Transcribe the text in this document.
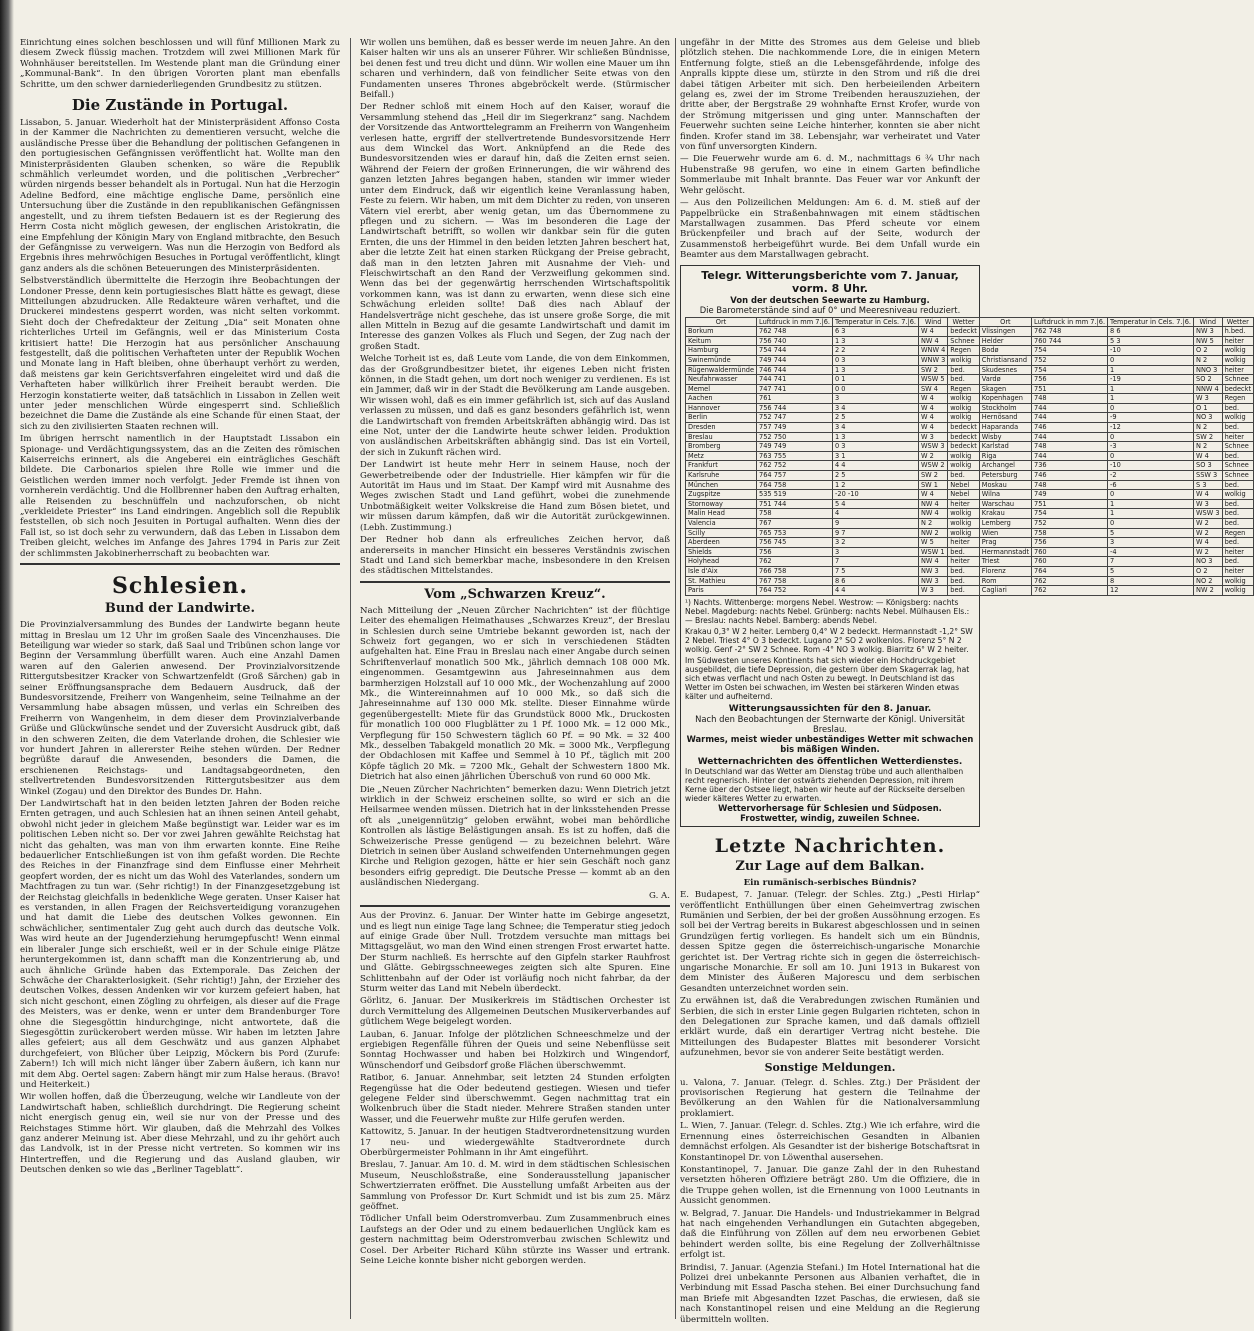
Einrichtung eines solchen beschlossen und will fünf Millionen Mark zu diesem Zweck flüssig machen. Trotzdem will zwei Millionen Mark für Wohnhäuser bereitstellen. Im Westende plant man die Gründung einer „Kommunal-Bank“. In den übrigen Vororten plant man ebenfalls Schritte, um den schwer darniederliegenden Grundbesitz zu stützen.

Die Zustände in Portugal.

Lissabon, 5. Januar. Wiederholt hat der Ministerpräsident Affonso Costa in der Kammer die Nachrichten zu dementieren versucht, welche die ausländische Presse über die Behandlung der politischen Gefangenen in den portugiesischen Gefängnissen veröffentlicht hat. Wollte man den Ministerpräsidenten Glauben schenken, so wäre die Republik schmählich verleumdet worden, und die politischen „Verbrecher“ würden nirgends besser behandelt als in Portugal. Nun hat die Herzogin Adeline Bedford, eine mächtige englische Dame, persönlich eine Untersuchung über die Zustände in den republikanischen Gefängnissen angestellt, und zu ihrem tiefsten Bedauern ist es der Regierung des Herrn Costa nicht möglich gewesen, der englischen Aristokratin, die eine Empfehlung der Königin Mary von England mitbrachte, den Besuch der Gefängnisse zu verweigern. Was nun die Herzogin von Bedford als Ergebnis ihres mehrwöchigen Besuches in Portugal veröffentlicht, klingt ganz anders als die schönen Beteuerungen des Ministerpräsidenten.

Selbstverständlich übermittelte die Herzogin ihre Beobachtungen der Londoner Presse, denn kein portugiesisches Blatt hätte es gewagt, diese Mitteilungen abzudrucken. Alle Redakteure wären verhaftet, und die Druckerei mindestens gesperrt worden, was nicht selten vorkommt. Sieht doch der Chefredakteur der Zeitung „Dia“ seit Monaten ohne richterliches Urteil im Gefängnis, weil er das Ministerium Costa kritisiert hatte! Die Herzogin hat aus persönlicher Anschauung festgestellt, daß die politischen Verhafteten unter der Republik Wochen und Monate lang in Haft bleiben, ohne überhaupt verhört zu werden, daß meistens gar kein Gerichtsverfahren eingeleitet wird und daß die Verhafteten haber willkürlich ihrer Freiheit beraubt werden. Die Herzogin konstatierte weiter, daß tatsächlich in Lissabon in Zellen weit unter jeder menschlichen Würde eingesperrt sind. Schließlich bezeichnet die Dame die Zustände als eine Schande für einen Staat, der sich zu den zivilisierten Staaten rechnen will.

Im übrigen herrscht namentlich in der Hauptstadt Lissabon ein Spionage- und Verdächtigungssystem, das an die Zeiten des römischen Kaiserreichs erinnert, als die Angeberei ein einträgliches Geschäft bildete. Die Carbonarios spielen ihre Rolle wie immer und die Geistlichen werden immer noch verfolgt. Jeder Fremde ist ihnen von vornherein verdächtig. Und die Hollbrenner haben den Auftrag erhalten, alle Reisenden zu beschnüffeln und nachzuforschen, ob nicht „verkleidete Priester“ ins Land eindringen. Angeblich soll die Republik feststellen, ob sich noch Jesuiten in Portugal aufhalten. Wenn dies der Fall ist, so ist doch sehr zu verwundern, daß das Leben in Lissabon dem Treiben gleicht, welches im Anfange des Jahres 1794 in Paris zur Zeit der schlimmsten Jakobinerherrschaft zu beobachten war.

Schlesien.
Bund der Landwirte.

Die Provinzialversammlung des Bundes der Landwirte begann heute mittag in Breslau um 12 Uhr im großen Saale des Vincenzhauses. Die Beteiligung war wieder so stark, daß Saal und Tribünen schon lange vor Beginn der Versammlung überfüllt waren. Auch eine Anzahl Damen waren auf den Galerien anwesend. Der Provinzialvorsitzende Rittergutsbesitzer Kracker von Schwartzenfeldt (Groß Särchen) gab in seiner Eröffnungsansprache dem Bedauern Ausdruck, daß der Bundesvorsitzende, Freiherr von Wangenheim, seine Teilnahme an der Versammlung habe absagen müssen, und verlas ein Schreiben des Freiherrn von Wangenheim, in dem dieser dem Provinzialverbande Grüße und Glückwünsche sendet und der Zuversicht Ausdruck gibt, daß in den schweren Zeiten, die dem Vaterlande drohen, die Schlesier wie vor hundert Jahren in allererster Reihe stehen würden. Der Redner begrüßte darauf die Anwesenden, besonders die Damen, die erschienenen Reichstags- und Landtagsabgeordneten, den stellvertretenden Bundesvorsitzenden Rittergutsbesitzer aus dem Winkel (Zogau) und den Direktor des Bundes Dr. Hahn.

Der Landwirtschaft hat in den beiden letzten Jahren der Boden reiche Ernten getragen, und auch Schlesien hat an ihnen seinen Anteil gehabt, obwohl nicht jeder in gleichem Maße begünstigt war. Leider war es im politischen Leben nicht so. Der vor zwei Jahren gewählte Reichstag hat nicht das gehalten, was man von ihm erwarten konnte. Eine Reihe bedauerlicher Entschließungen ist von ihm gefaßt worden. Die Rechte des Reiches in der Finanzfrage sind dem Einflusse einer Mehrheit geopfert worden, der es nicht um das Wohl des Vaterlandes, sondern um Machtfragen zu tun war. (Sehr richtig!) In der Finanzgesetzgebung ist der Reichstag gleichfalls in bedenkliche Wege geraten. Unser Kaiser hat es verstanden, in allen Fragen der Reichsverteidigung voranzugehen und hat damit die Liebe des deutschen Volkes gewonnen. Ein schwächlicher, sentimentaler Zug geht auch durch das deutsche Volk. Was wird heute an der Jugenderziehung herumgepfuscht! Wenn einmal ein liberaler Junge sich erschießt, weil er in der Schule einige Plätze heruntergekommen ist, dann schafft man die Konzentrierung ab, und auch ähnliche Gründe haben das Extemporale. Das Zeichen der Schwäche der Charakterlosigkeit. (Sehr richtig!) Jahn, der Erzieher des deutschen Volkes, dessen Andenken wir vor kurzem gefeiert haben, hat sich nicht geschont, einen Zögling zu ohrfeigen, als dieser auf die Frage des Meisters, was er denke, wenn er unter dem Brandenburger Tore ohne die Siegesgöttin hindurchginge, nicht antwortete, daß die Siegesgöttin zurückerobert werden müsse. Wir haben im letzten Jahre alles gefeiert; aus all dem Geschwätz und aus ganzen Alphabet durchgefeiert, von Blücher über Leipzig, Möckern bis Pord (Zurufe: Zabern!) Ich will mich nicht länger über Zabern äußern, ich kann nur mit dem Abg. Oertel sagen: Zabern hängt mir zum Halse heraus. (Bravo! und Heiterkeit.)

Wir wollen hoffen, daß die Überzeugung, welche wir Landleute von der Landwirtschaft haben, schließlich durchdringt. Die Regierung scheint nicht energisch genug ein, weil sie nur von der Presse und des Reichstages Stimme hört. Wir glauben, daß die Mehrzahl des Volkes ganz anderer Meinung ist. Aber diese Mehrzahl, und zu ihr gehört auch das Landvolk, ist in der Presse nicht vertreten. So kommen wir ins Hintertreffen, und die Regierung und das Ausland glauben, wir Deutschen denken so wie das „Berliner Tageblatt“.

Wir wollen uns bemühen, daß es besser werde im neuen Jahre. An den Kaiser halten wir uns als an unserer Führer. Wir schließen Bündnisse, bei denen fest und treu dicht und dünn. Wir wollen eine Mauer um ihn scharen und verhindern, daß von feindlicher Seite etwas von den Fundamenten unseres Thrones abgebröckelt werde. (Stürmischer Beifall.)

Der Redner schloß mit einem Hoch auf den Kaiser, worauf die Versammlung stehend das „Heil dir im Siegerkranz“ sang. Nachdem der Vorsitzende das Antworttelegramm an Freiherrn von Wangenheim verlesen hatte, ergriff der stellvertretende Bundesvorsitzende Herr aus dem Winckel das Wort. Anknüpfend an die Rede des Bundesvorsitzenden wies er darauf hin, daß die Zeiten ernst seien. Während der Feiern der großen Erinnerungen, die wir während des ganzen letzten Jahres begangen haben, standen wir immer wieder unter dem Eindruck, daß wir eigentlich keine Veranlassung haben, Feste zu feiern. Wir haben, um mit dem Dichter zu reden, von unseren Vätern viel ererbt, aber wenig getan, um das Übernommene zu pflegen und zu sichern. — Was im besonderen die Lage der Landwirtschaft betrifft, so wollen wir dankbar sein für die guten Ernten, die uns der Himmel in den beiden letzten Jahren beschert hat, aber die letzte Zeit hat einen starken Rückgang der Preise gebracht, daß man in den letzten Jahren mit Ausnahme der Vieh- und Fleischwirtschaft an den Rand der Verzweiflung gekommen sind. Wenn das bei der gegenwärtig herrschenden Wirtschaftspolitik vorkommen kann, was ist dann zu erwarten, wenn diese sich eine Schwächung erleiden sollte! Daß dies nach Ablauf der Handelsverträge nicht geschehe, das ist unsere große Sorge, die mit allen Mitteln in Bezug auf die gesamte Landwirtschaft und damit im Interesse des ganzen Volkes als Fluch und Segen, der Zug nach der großen Stadt.

Welche Torheit ist es, daß Leute vom Lande, die von dem Einkommen, das der Großgrundbesitzer bietet, ihr eigenes Leben nicht fristen können, in die Stadt gehen, um dort noch weniger zu verdienen. Es ist ein Jammer, daß wir in der Stadt die Bevölkerung am Lande ausgeben. Wir wissen wohl, daß es ein immer gefährlich ist, sich auf das Ausland verlassen zu müssen, und daß es ganz besonders gefährlich ist, wenn die Landwirtschaft von fremden Arbeitskräften abhängig wird. Das ist eine Not, unter der die Landwirte heute schwer leiden. Produktion von ausländischen Arbeitskräften abhängig sind. Das ist ein Vorteil, der sich in Zukunft rächen wird.

Der Landwirt ist heute mehr Herr in seinem Hause, noch der Gewerbetreibende oder der Industrielle. Hier kämpfen wir für die Autorität im Haus und im Staat. Der Kampf wird mit Ausnahme des Weges zwischen Stadt und Land geführt, wobei die zunehmende Unbotmäßigkeit weiter Volkskreise die Hand zum Bösen bietet, und wir müssen darum kämpfen, daß wir die Autorität zurückgewinnen. (Lebh. Zustimmung.)

Der Redner hob dann als erfreuliches Zeichen hervor, daß andererseits in mancher Hinsicht ein besseres Verständnis zwischen Stadt und Land sich bemerkbar mache, insbesondere in den Kreisen des städtischen Mittelstandes.

Vom „Schwarzen Kreuz“.

Nach Mitteilung der „Neuen Zürcher Nachrichten“ ist der flüchtige Leiter des ehemaligen Heimathauses „Schwarzes Kreuz“, der Breslau in Schlesien durch seine Umtriebe bekannt geworden ist, nach der Schweiz fort gegangen, wo er sich in verschiedenen Städten aufgehalten hat. Eine Frau in Breslau nach einer Angabe durch seinen Schriftenverlauf monatlich 500 Mk., jährlich demnach 108 000 Mk. eingenommen. Gesamtgewinn aus Jahreseinnahmen aus dem barmherzigen Holzstall auf 10 000 Mk., der Wochenzahlung auf 2000 Mk., die Wintereinnahmen auf 10 000 Mk., so daß sich die Jahreseinnahme auf 130 000 Mk. stellte. Dieser Einnahme würde gegenübergestellt: Miete für das Grundstück 8000 Mk., Druckosten für monatlich 100 000 Flugblätter zu 1 Pf. 1000 Mk. = 12 000 Mk., Verpflegung für 150 Schwestern täglich 60 Pf. = 90 Mk. = 32 400 Mk., desselben Tabakgeld monatlich 20 Mk. = 3000 Mk., Verpflegung der Obdachlosen mit Kaffee und Semmel à 10 Pf., täglich mit 200 Köpfe täglich 20 Mk. = 7200 Mk., Gehalt der Schwestern 1800 Mk. Dietrich hat also einen jährlichen Überschuß von rund 60 000 Mk.

Die „Neuen Zürcher Nachrichten“ bemerken dazu: Wenn Dietrich jetzt wirklich in der Schweiz erscheinen sollte, so wird er sich an die Heilsarmee wenden müssen. Dietrich hat in der linksstehenden Presse oft als „uneigennützig“ geloben erwähnt, wobei man behördliche Kontrollen als lästige Belästigungen ansah. Es ist zu hoffen, daß die Schweizerische Presse genügend — zu bezeichnen belehrt. Wäre Dietrich in seinen über Ausland schweifenden Unternehmungen gegen Kirche und Religion gezogen, hätte er hier sein Geschäft noch ganz besonders eifrig gepredigt. Die Deutsche Presse — kommt ab an den ausländischen Niedergang.

G. A.

Aus der Provinz. 6. Januar. Der Winter hatte im Gebirge angesetzt, und es liegt nun einige Tage lang Schnee; die Temperatur stieg jedoch auf einige Grade über Null. Trotzdem versuchte man mittags bei Mittagsgeläut, wo man den Wind einen strengen Frost erwartet hatte. Der Sturm nachließ. Es herrschte auf den Gipfeln starker Rauhfrost und Glätte. Gebirgsschneeweges zeigten sich alte Spuren. Eine Schlittenbahn auf der Oder ist vorläufig noch nicht fahrbar, da der Sturm weiter das Land mit Nebeln überdeckt.

Görlitz, 6. Januar. Der Musikerkreis im Städtischen Orchester ist durch Vermittelung des Allgemeinen Deutschen Musikerverbandes auf gütlichem Wege beigelegt worden.

Lauban, 6. Januar. Infolge der plötzlichen Schneeschmelze und der ergiebigen Regenfälle führen der Queis und seine Nebenflüsse seit Sonntag Hochwasser und haben bei Holzkirch und Wingendorf, Wünschendorf und Geibsdorf große Flächen überschwemmt.

Ratibor, 6. Januar. Annehmbar, seit letzten 24 Stunden erfolgten Regengüsse hat die Oder bedeutend gestiegen. Wiesen und tiefer gelegene Felder sind überschwemmt. Gegen nachmittag trat ein Wolkenbruch über die Stadt nieder. Mehrere Straßen standen unter Wasser, und die Feuerwehr mußte zur Hilfe gerufen werden.

Kattowitz, 5. Januar. In der heutigen Stadtverordnetensitzung wurden 17 neu- und wiedergewählte Stadtverordnete durch Oberbürgermeister Pohlmann in ihr Amt eingeführt.

Breslau, 7. Januar. Am 10. d. M. wird in dem städtischen Schlesischen Museum, Neuschloßstraße, eine Sonderausstellung japanischer Schwertzierraten eröffnet. Die Ausstellung umfaßt Arbeiten aus der Sammlung von Professor Dr. Kurt Schmidt und ist bis zum 25. März geöffnet.

Tödlicher Unfall beim Oderstromverbau. Zum Zusammenbruch eines Laufstegs an der Oder und zu einem bedauerlichen Unglück kam es gestern nachmittag beim Oderstromverbau zwischen Schlewitz und Cosel. Der Arbeiter Richard Kühn stürzte ins Wasser und ertrank. Seine Leiche konnte bisher nicht geborgen werden.

ungefähr in der Mitte des Stromes aus dem Geleise und blieb plötzlich stehen. Die nachkommende Lore, die in einigen Metern Entfernung folgte, stieß an die Lebensgefährdende, infolge des Anpralls kippte diese um, stürzte in den Strom und riß die drei dabei tätigen Arbeiter mit sich. Den herbeieilenden Arbeitern gelang es, zwei der im Strome Treibenden herauszuziehen, der dritte aber, der Bergstraße 29 wohnhafte Ernst Krofer, wurde von der Strömung mitgerissen und ging unter. Mannschaften der Feuerwehr suchten seine Leiche hinterher, konnten sie aber nicht finden. Krofer stand im 38. Lebensjahr, war verheiratet und Vater von fünf unversorgten Kindern.

— Die Feuerwehr wurde am 6. d. M., nachmittags 6 ¾ Uhr nach Hubenstraße 98 gerufen, wo eine in einem Garten befindliche Sommerlaube mit Inhalt brannte. Das Feuer war vor Ankunft der Wehr gelöscht.

— Aus den Polizeilichen Meldungen: Am 6. d. M. stieß auf der Pappelbrücke ein Straßenbahnwagen mit einem städtischen Marstallwagen zusammen. Das Pferd scheute vor einem Brückenpfeiler und brach auf der Seite, wodurch der Zusammenstoß herbeigeführt wurde. Bei dem Unfall wurde ein Beamter aus dem Marstallwagen gebracht.

Telegr. Witterungsberichte vom 7. Januar, vorm. 8 Uhr.
Von der deutschen Seewarte zu Hamburg.
Die Barometerstände sind auf 0° und Meeresniveau reduziert.
Ort	Luftdruck in mm 7.|6.	Temperatur in Cels. 7.|6.	Wind	Wetter	Ort	Luftdruck in mm 7.|6.	Temperatur in Cels. 7.|6.	Wind	Wetter
Borkum	762 748	6 3	W 4	bedeckt	Vlissingen	762 748	8 6	NW 3	h.bed.
Keitum	756 740	1 3	NW 4	Schnee	Helder	760 744	5 3	NW 5	heiter
Hamburg	754 744	2 2	WNW 4	Regen	Bodø	754	-10	O 2	wolkig
Swinemünde	749 744	0 3	WNW 3	wolkig	Christiansand	752	0	N 2	wolkig
Rügenwaldermünde	746 744	1 3	SW 2	bed.	Skudesnes	754	1	NNO 3	heiter
Neufahrwasser	744 741	0 1	WSW 5	bed.	Vardø	756	-19	SO 2	Schnee
Memel	747 741	0 0	SW 4	Regen	Skagen	751	1	NNW 4	bedeckt
Aachen	761	3	W 4	wolkig	Kopenhagen	748	1	W 3	Regen
Hannover	756 744	3 4	W 4	wolkig	Stockholm	744	0	O 1	bed.
Berlin	752 747	2 5	W 4	wolkig	Hernösand	744	-9	NO 3	wolkig
Dresden	757 749	3 4	W 4	bedeckt	Haparanda	746	-12	N 2	bed.
Breslau	752 750	1 3	W 3	bedeckt	Wisby	744	0	SW 2	heiter
Bromberg	749 749	0 3	WSW 3	bedeckt	Karlstad	748	-3	N 2	Schnee
Metz	763 755	3 1	W 2	wolkig	Riga	744	0	W 4	bed.
Frankfurt	762 752	4 4	WSW 2	wolkig	Archangel	736	-10	SO 3	Schnee
Karlsruhe	764 757	2 5	SW 2	bed.	Petersburg	746	-2	SSW 3	Schnee
München	764 758	1 2	SW 1	Nebel	Moskau	748	-6	S 3	bed.
Zugspitze	535 519	-20 -10	W 4	Nebel	Wilna	749	0	W 4	wolkig
Stornoway	751 744	5 4	NW 4	heiter	Warschau	751	1	W 3	bed.
Malin Head	758	4	NW 4	wolkig	Krakau	754	1	WSW 3	bed.
Valencia	767	9	N 2	wolkig	Lemberg	752	0	W 2	bed.
Scilly	765 753	9 7	NW 2	wolkig	Wien	758	5	W 2	Regen
Aberdeen	756 745	3 2	W 5	heiter	Prag	756	3	W 4	bed.
Shields	756	3	WSW 1	bed.	Hermannstadt	760	-4	W 2	heiter
Holyhead	762	7	NW 4	heiter	Triest	760	7	NO 3	bed.
Isle d'Aix	766 758	7 5	NW 3	bed.	Florenz	764	5	O 2	heiter
St. Mathieu	767 758	8 6	NW 3	bed.	Rom	762	8	NO 2	wolkig
Paris	764 752	4 4	W 3	bed.	Cagliari	762	12	NW 2	wolkig
¹) Nachts. Wittenberge: morgens Nebel. Westrow: — Königsberg: nachts Nebel. Magdeburg: nachts Nebel. Grünberg: nachts Nebel. Mülhausen Els.: — Breslau: nachts Nebel. Bamberg: abends Nebel.
Krakau 0,3° W 2 heiter. Lemberg 0,4° W 2 bedeckt. Hermannstadt -1,2° SW 2 Nebel. Triest 4° O 3 bedeckt. Lugano 2° SO 2 wolkenlos. Florenz 5° N 2 wolkig. Genf -2° SW 2 Schnee. Rom -4° NO 3 wolkig. Biarritz 6° W 2 heiter.
Im Südwesten unseres Kontinents hat sich wieder ein Hochdruckgebiet ausgebildet, die tiefe Depression, die gestern über dem Skagerrak lag, hat sich etwas verflacht und nach Osten zu bewegt. In Deutschland ist das Wetter im Osten bei schwachen, im Westen bei stärkeren Winden etwas kälter und aufheiternd.
Witterungsaussichten für den 8. Januar.
Nach den Beobachtungen der Sternwarte der Königl. Universität Breslau.
Warmes, meist wieder unbeständiges Wetter mit schwachen bis mäßigen Winden.
Wetternachrichten des öffentlichen Wetterdienstes.
In Deutschland war das Wetter am Dienstag trübe und auch allenthalben recht regnerisch. Hinter der ostwärts ziehenden Depression, mit ihrem Kerne über der Ostsee liegt, haben wir heute auf der Rückseite derselben wieder kälteres Wetter zu erwarten.
Wettervorhersage für Schlesien und Südposen.
Frostwetter, windig, zuweilen Schnee.
Letzte Nachrichten.
Zur Lage auf dem Balkan.

Ein rumänisch-serbisches Bündnis?

E. Budapest, 7. Januar. (Telegr. der Schles. Ztg.) „Pesti Hirlap“ veröffentlicht Enthüllungen über einen Geheimvertrag zwischen Rumänien und Serbien, der bei der großen Aussöhnung erzogen. Es soll bei der Vertrag bereits in Bukarest abgeschlossen und in seinen Grundzügen fertig vorliegen. Es handelt sich um ein Bündnis, dessen Spitze gegen die österreichisch-ungarische Monarchie gerichtet ist. Der Vertrag richte sich in gegen die österreichisch-ungarische Monarchie. Er soll am 10. Juni 1913 in Bukarest von dem Minister des Äußeren Majorescu und dem serbischen Gesandten unterzeichnet worden sein.

Zu erwähnen ist, daß die Verabredungen zwischen Rumänien und Serbien, die sich in erster Linie gegen Bulgarien richteten, schon in den Delegationen zur Sprache kamen, und daß damals offiziell erklärt wurde, daß ein derartiger Vertrag nicht bestehe. Die Mitteilungen des Budapester Blattes mit besonderer Vorsicht aufzunehmen, bevor sie von anderer Seite bestätigt werden.

Sonstige Meldungen.

u. Valona, 7. Januar. (Telegr. d. Schles. Ztg.) Der Präsident der provisorischen Regierung hat gestern die Teilnahme der Bevölkerung an den Wahlen für die Nationalversammlung proklamiert.

L. Wien, 7. Januar. (Telegr. d. Schles. Ztg.) Wie ich erfahre, wird die Ernennung eines österreichischen Gesandten in Albanien demnächst erfolgen. Als Gesandter ist der bisherige Botschaftsrat in Konstantinopel Dr. von Löwenthal ausersehen.

Konstantinopel, 7. Januar. Die ganze Zahl der in den Ruhestand versetzten höheren Offiziere beträgt 280. Um die Offiziere, die in die Truppe gehen wollen, ist die Ernennung von 1000 Leutnants in Aussicht genommen.

w. Belgrad, 7. Januar. Die Handels- und Industriekammer in Belgrad hat nach eingehenden Verhandlungen ein Gutachten abgegeben, daß die Einführung von Zöllen auf dem neu erworbenen Gebiet behindert werden sollte, bis eine Regelung der Zollverhältnisse erfolgt ist.

Brindisi, 7. Januar. (Agenzia Stefani.) Im Hotel International hat die Polizei drei unbekannte Personen aus Albanien verhaftet, die in Verbindung mit Essad Pascha stehen. Bei einer Durchsuchung fand man Briefe mit Abgesandten Izzet Paschas, die erwiesen, daß sie nach Konstantinopel reisen und eine Meldung an die Regierung übermitteln wollten.
